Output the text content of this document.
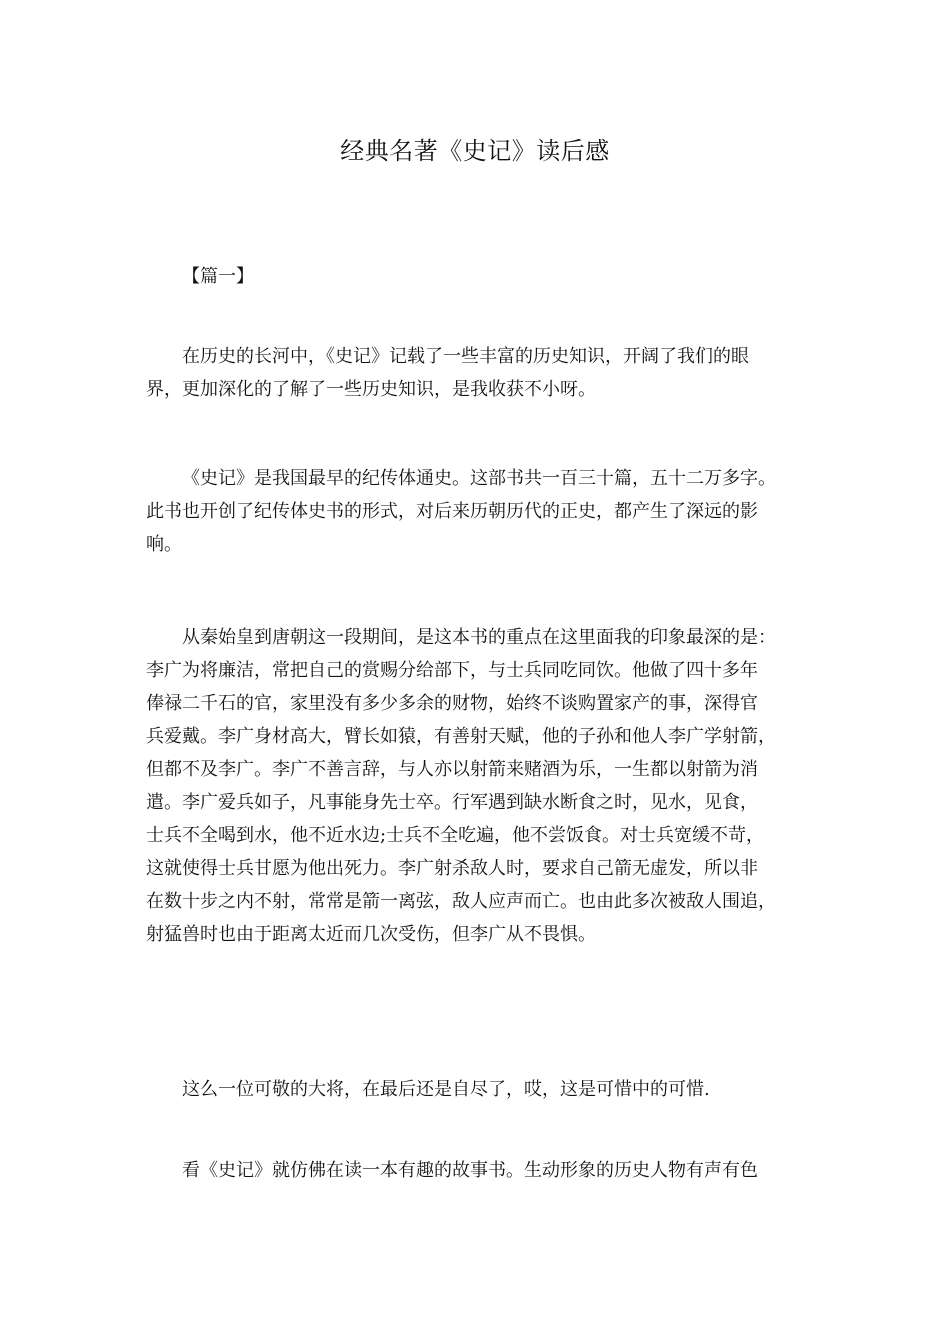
经典名著《史记》读后感
【篇一】

在历史的长河中，《史记》记载了一些丰富的历史知识，开阔了我们的眼
界，更加深化的了解了一些历史知识，是我收获不小呀。

《史记》是我国最早的纪传体通史。这部书共一百三十篇，五十二万多字。
此书也开创了纪传体史书的形式，对后来历朝历代的正史，都产生了深远的影
响。

从秦始皇到唐朝这一段期间，是这本书的重点在这里面我的印象最深的是：
李广为将廉洁，常把自己的赏赐分给部下，与士兵同吃同饮。他做了四十多年
俸禄二千石的官，家里没有多少多余的财物，始终不谈购置家产的事，深得官
兵爱戴。李广身材高大，臂长如猿，有善射天赋，他的子孙和他人李广学射箭，
但都不及李广。李广不善言辞，与人亦以射箭来赌酒为乐，一生都以射箭为消
遣。李广爱兵如子，凡事能身先士卒。行军遇到缺水断食之时，见水，见食，
士兵不全喝到水，他不近水边;士兵不全吃遍，他不尝饭食。对士兵宽缓不苛，
这就使得士兵甘愿为他出死力。李广射杀敌人时，要求自己箭无虚发，所以非
在数十步之内不射，常常是箭一离弦，敌人应声而亡。也由此多次被敌人围追，
射猛兽时也由于距离太近而几次受伤，但李广从不畏惧。

这么一位可敬的大将，在最后还是自尽了，哎，这是可惜中的可惜.

看《史记》就仿佛在读一本有趣的故事书。生动形象的历史人物有声有色
